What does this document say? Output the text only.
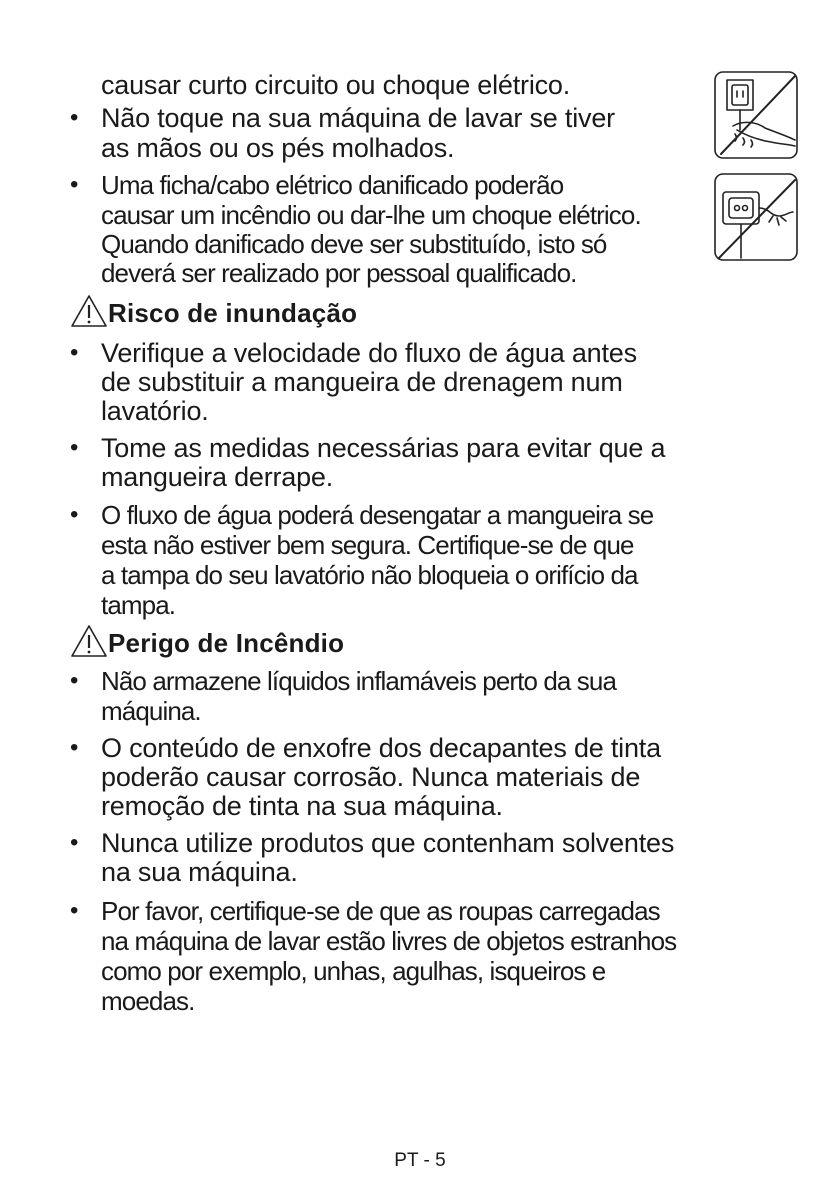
causar curto circuito ou choque elétrico.

• Não toque na sua máquina de lavar se tiver

as mãos ou os pés molhados.

• Uma ficha/cabo elétrico danificado poderão

causar um incêndio ou dar-lhe um choque elétrico.

Quando danificado deve ser substituído, isto só

deverá ser realizado por pessoal qualificado.

Risco de inundação
• Verifique a velocidade do fluxo de água antes

de substituir a mangueira de drenagem num

lavatório.

• Tome as medidas necessárias para evitar que a

mangueira derrape.

• O fluxo de água poderá desengatar a mangueira se

esta não estiver bem segura. Certifique-se de que

a tampa do seu lavatório não bloqueia o orifício da

tampa.

Perigo de Incêndio
• Não armazene líquidos inflamáveis perto da sua

máquina.

• O conteúdo de enxofre dos decapantes de tinta

poderão causar corrosão. Nunca materiais de

remoção de tinta na sua máquina.

• Nunca utilize produtos que contenham solventes

na sua máquina.

• Por favor, certifique-se de que as roupas carregadas

na máquina de lavar estão livres de objetos estranhos

como por exemplo, unhas, agulhas, isqueiros e

moedas.

PT - 5
